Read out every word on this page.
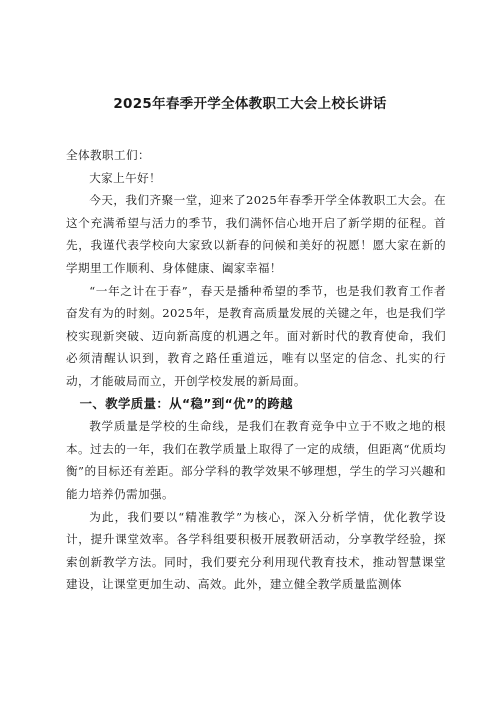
2025年春季开学全体教职工大会上校长讲话

全体教职工们：

大家上午好！

今天，我们齐聚一堂，迎来了2025年春季开学全体教职工大会。在这个充满希望与活力的季节，我们满怀信心地开启了新学期的征程。首先，我谨代表学校向大家致以新春的问候和美好的祝愿！愿大家在新的学期里工作顺利、身体健康、阖家幸福！

“一年之计在于春”，春天是播种希望的季节，也是我们教育工作者奋发有为的时刻。2025年，是教育高质量发展的关键之年，也是我们学校实现新突破、迈向新高度的机遇之年。面对新时代的教育使命，我们必须清醒认识到，教育之路任重道远，唯有以坚定的信念、扎实的行动，才能破局而立，开创学校发展的新局面。

一、教学质量：从“稳”到“优”的跨越

教学质量是学校的生命线，是我们在教育竞争中立于不败之地的根本。过去的一年，我们在教学质量上取得了一定的成绩，但距离“优质均衡”的目标还有差距。部分学科的教学效果不够理想，学生的学习兴趣和能力培养仍需加强。

为此，我们要以“精准教学”为核心，深入分析学情，优化教学设计，提升课堂效率。各学科组要积极开展教研活动，分享教学经验，探索创新教学方法。同时，我们要充分利用现代教育技术，推动智慧课堂建设，让课堂更加生动、高效。此外，建立健全教学质量监测体
